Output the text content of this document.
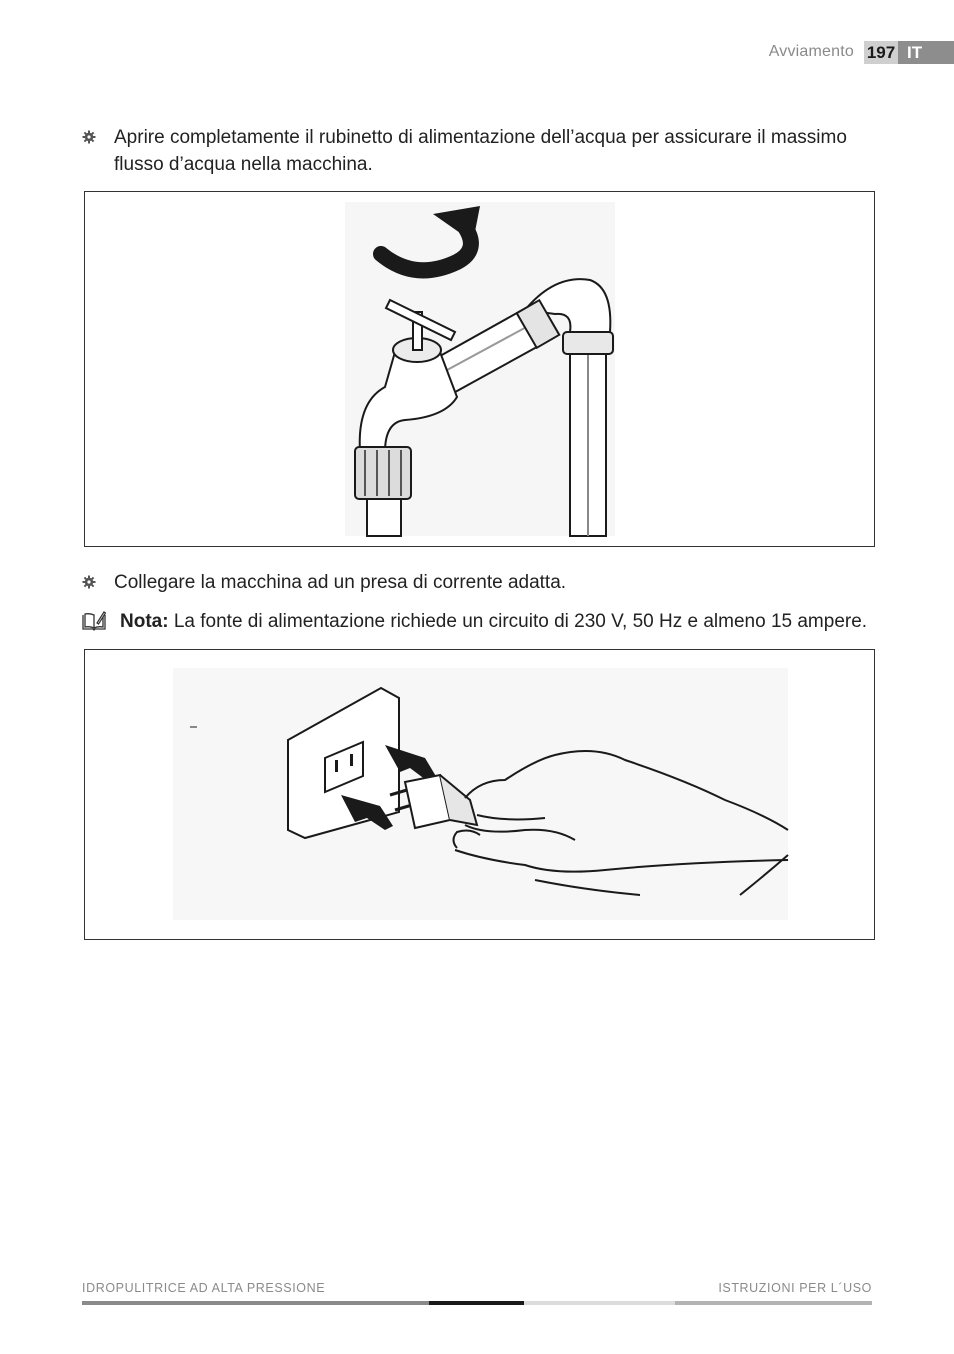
Avviamento 197 IT
Aprire completamente il rubinetto di alimentazione dell’acqua per assicurare il massimo flusso d’acqua nella macchina.
Collegare la macchina ad un presa di corrente adatta.
Nota: La fonte di alimentazione richiede un circuito di 230 V, 50 Hz e almeno 15 ampere.
IDROPULITRICE AD ALTA PRESSIONE	ISTRUZIONI PER L´USO
